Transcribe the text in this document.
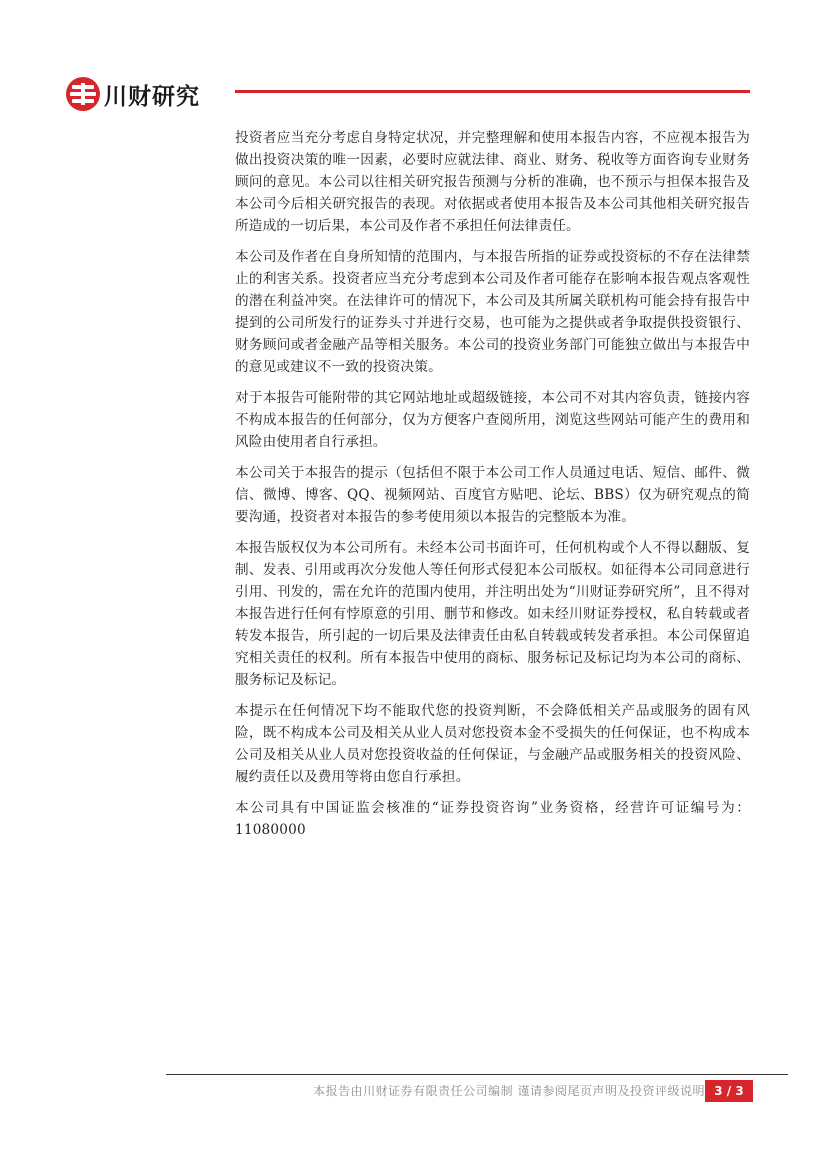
川财研究

投资者应当充分考虑自身特定状况，并完整理解和使用本报告内容，不应视本报告为做出投资决策的唯一因素，必要时应就法律、商业、财务、税收等方面咨询专业财务顾问的意见。本公司以往相关研究报告预测与分析的准确，也不预示与担保本报告及本公司今后相关研究报告的表现。对依据或者使用本报告及本公司其他相关研究报告所造成的一切后果，本公司及作者不承担任何法律责任。

本公司及作者在自身所知情的范围内，与本报告所指的证券或投资标的不存在法律禁止的利害关系。投资者应当充分考虑到本公司及作者可能存在影响本报告观点客观性的潜在利益冲突。在法律许可的情况下，本公司及其所属关联机构可能会持有报告中提到的公司所发行的证券头寸并进行交易，也可能为之提供或者争取提供投资银行、财务顾问或者金融产品等相关服务。本公司的投资业务部门可能独立做出与本报告中的意见或建议不一致的投资决策。

对于本报告可能附带的其它网站地址或超级链接，本公司不对其内容负责，链接内容不构成本报告的任何部分，仅为方便客户查阅所用，浏览这些网站可能产生的费用和风险由使用者自行承担。

本公司关于本报告的提示（包括但不限于本公司工作人员通过电话、短信、邮件、微信、微博、博客、QQ、视频网站、百度官方贴吧、论坛、BBS）仅为研究观点的简要沟通，投资者对本报告的参考使用须以本报告的完整版本为准。

本报告版权仅为本公司所有。未经本公司书面许可，任何机构或个人不得以翻版、复制、发表、引用或再次分发他人等任何形式侵犯本公司版权。如征得本公司同意进行引用、刊发的，需在允许的范围内使用，并注明出处为“川财证券研究所”，且不得对本报告进行任何有悖原意的引用、删节和修改。如未经川财证券授权，私自转载或者转发本报告，所引起的一切后果及法律责任由私自转载或转发者承担。本公司保留追究相关责任的权利。所有本报告中使用的商标、服务标记及标记均为本公司的商标、服务标记及标记。

本提示在任何情况下均不能取代您的投资判断，不会降低相关产品或服务的固有风险，既不构成本公司及相关从业人员对您投资本金不受损失的任何保证，也不构成本公司及相关从业人员对您投资收益的任何保证，与金融产品或服务相关的投资风险、履约责任以及费用等将由您自行承担。

本公司具有中国证监会核准的“证券投资咨询”业务资格，经营许可证编号为：11080000

本报告由川财证券有限责任公司编制 谨请参阅尾页声明及投资评级说明 3 / 3
